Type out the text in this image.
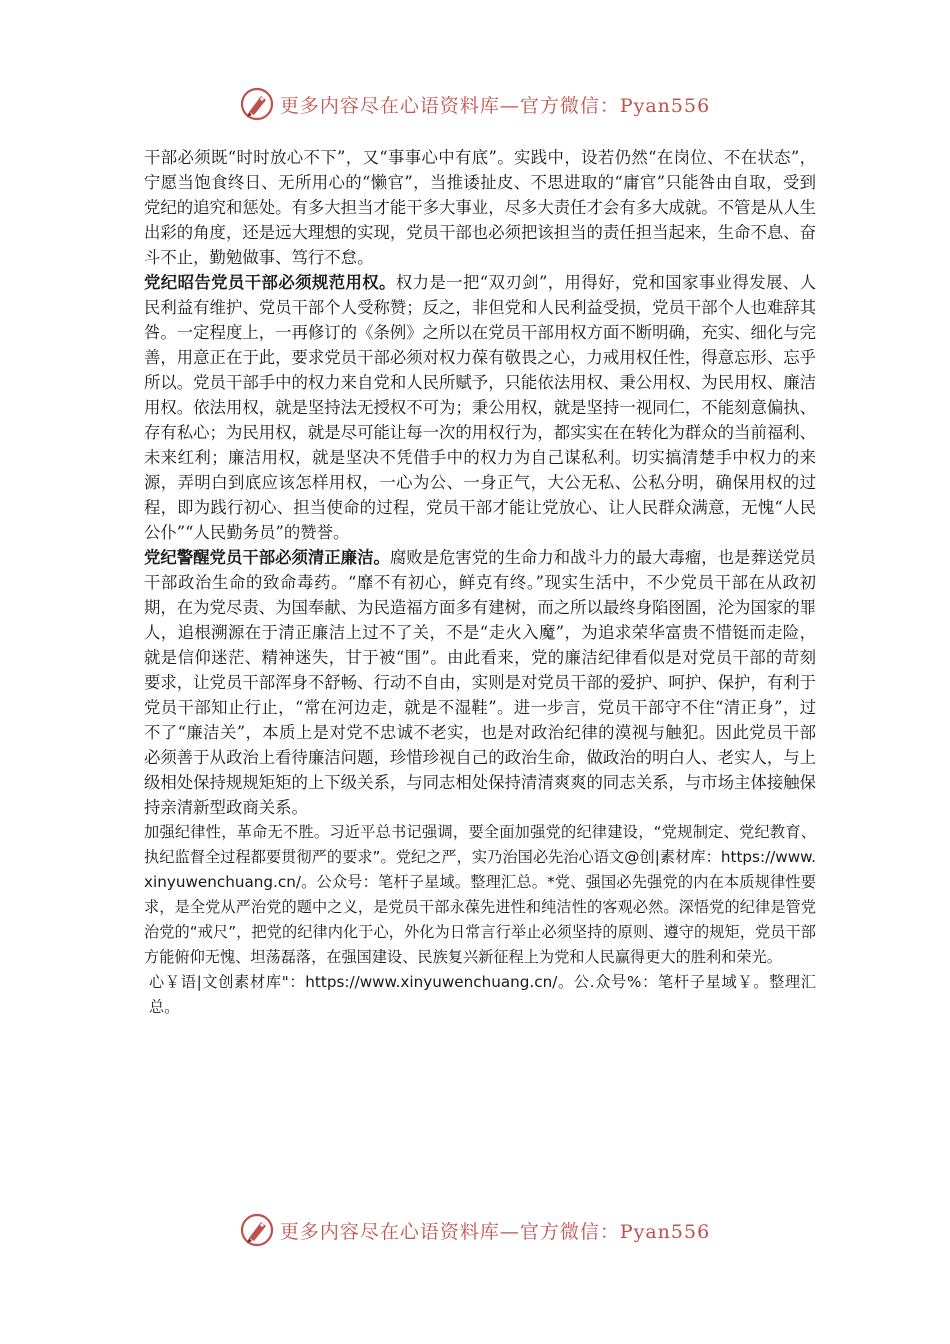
更多内容尽在心语资料库—官方微信：Pyan556

干部必须既“时时放心不下”，又“事事心中有底”。实践中，设若仍然“在岗位、不在状态”，宁愿当饱食终日、无所用心的“懒官”，当推诿扯皮、不思进取的“庸官”只能咎由自取，受到党纪的追究和惩处。有多大担当才能干多大事业，尽多大责任才会有多大成就。不管是从人生出彩的角度，还是远大理想的实现，党员干部也必须把该担当的责任担当起来，生命不息、奋斗不止，勤勉做事、笃行不怠。

党纪昭告党员干部必须规范用权。权力是一把“双刃剑”，用得好，党和国家事业得发展、人民利益有维护、党员干部个人受称赞；反之，非但党和人民利益受损，党员干部个人也难辞其咎。一定程度上，一再修订的《条例》之所以在党员干部用权方面不断明确，充实、细化与完善，用意正在于此，要求党员干部必须对权力葆有敬畏之心，力戒用权任性，得意忘形、忘乎所以。党员干部手中的权力来自党和人民所赋予，只能依法用权、秉公用权、为民用权、廉洁用权。依法用权，就是坚持法无授权不可为；秉公用权，就是坚持一视同仁，不能刻意偏执、存有私心；为民用权，就是尽可能让每一次的用权行为，都实实在在转化为群众的当前福利、未来红利；廉洁用权，就是坚决不凭借手中的权力为自己谋私利。切实搞清楚手中权力的来源，弄明白到底应该怎样用权，一心为公、一身正气，大公无私、公私分明，确保用权的过程，即为践行初心、担当使命的过程，党员干部才能让党放心、让人民群众满意，无愧“人民公仆”“人民勤务员”的赞誉。

党纪警醒党员干部必须清正廉洁。腐败是危害党的生命力和战斗力的最大毒瘤，也是葬送党员干部政治生命的致命毒药。“靡不有初心，鲜克有终。”现实生活中，不少党员干部在从政初期，在为党尽责、为国奉献、为民造福方面多有建树，而之所以最终身陷囹圄，沦为国家的罪人，追根溯源在于清正廉洁上过不了关，不是“走火入魔”，为追求荣华富贵不惜铤而走险，就是信仰迷茫、精神迷失，甘于被“围”。由此看来，党的廉洁纪律看似是对党员干部的苛刻要求，让党员干部浑身不舒畅、行动不自由，实则是对党员干部的爱护、呵护、保护，有利于党员干部知止行止，“常在河边走，就是不湿鞋”。进一步言，党员干部守不住“清正身”，过不了“廉洁关”，本质上是对党不忠诚不老实，也是对政治纪律的漠视与触犯。因此党员干部必须善于从政治上看待廉洁问题，珍惜珍视自己的政治生命，做政治的明白人、老实人，与上级相处保持规规矩矩的上下级关系，与同志相处保持清清爽爽的同志关系，与市场主体接触保持亲清新型政商关系。

加强纪律性，革命无不胜。习近平总书记强调，要全面加强党的纪律建设，“党规制定、党纪教育、执纪监督全过程都要贯彻严的要求”。党纪之严，实乃治国必先治心语文@创|素材库：https://www.xinyuwenchuang.cn/。公众号：笔杆子星域。整理汇总。*党、强国必先强党的内在本质规律性要求，是全党从严治党的题中之义，是党员干部永葆先进性和纯洁性的客观必然。深悟党的纪律是管党治党的“戒尺”，把党的纪律内化于心，外化为日常言行举止必须坚持的原则、遵守的规矩，党员干部方能俯仰无愧、坦荡磊落，在强国建设、民族复兴新征程上为党和人民赢得更大的胜利和荣光。

心￥语|文创素材库"：https://www.xinyuwenchuang.cn/。公.众号%：笔杆子星域￥。整理汇总。

更多内容尽在心语资料库—官方微信：Pyan556
